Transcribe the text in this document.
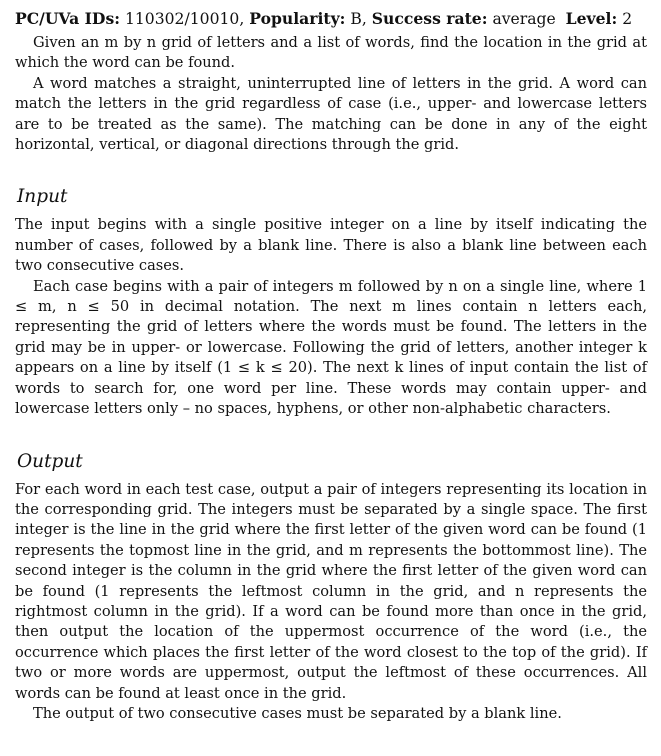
PC/UVa IDs: 110302/10010, Popularity: B, Success rate: average Level: 2

Given an m by n grid of letters and a list of words, find the location in the grid at which the word can be found.

A word matches a straight, uninterrupted line of letters in the grid. A word can match the letters in the grid regardless of case (i.e., upper- and lowercase letters are to be treated as the same). The matching can be done in any of the eight horizontal, vertical, or diagonal directions through the grid.

Input

The input begins with a single positive integer on a line by itself indicating the number of cases, followed by a blank line. There is also a blank line between each two consecutive cases.

Each case begins with a pair of integers m followed by n on a single line, where 1 ≤ m, n ≤ 50 in decimal notation. The next m lines contain n letters each, representing the grid of letters where the words must be found. The letters in the grid may be in upper- or lowercase. Following the grid of letters, another integer k appears on a line by itself (1 ≤ k ≤ 20). The next k lines of input contain the list of words to search for, one word per line. These words may contain upper- and lowercase letters only – no spaces, hyphens, or other non-alphabetic characters.

Output

For each word in each test case, output a pair of integers representing its location in the corresponding grid. The integers must be separated by a single space. The first integer is the line in the grid where the first letter of the given word can be found (1 represents the topmost line in the grid, and m represents the bottommost line). The second integer is the column in the grid where the first letter of the given word can be found (1 represents the leftmost column in the grid, and n represents the rightmost column in the grid). If a word can be found more than once in the grid, then output the location of the uppermost occurrence of the word (i.e., the occurrence which places the first letter of the word closest to the top of the grid). If two or more words are uppermost, output the leftmost of these occurrences. All words can be found at least once in the grid.

The output of two consecutive cases must be separated by a blank line.
